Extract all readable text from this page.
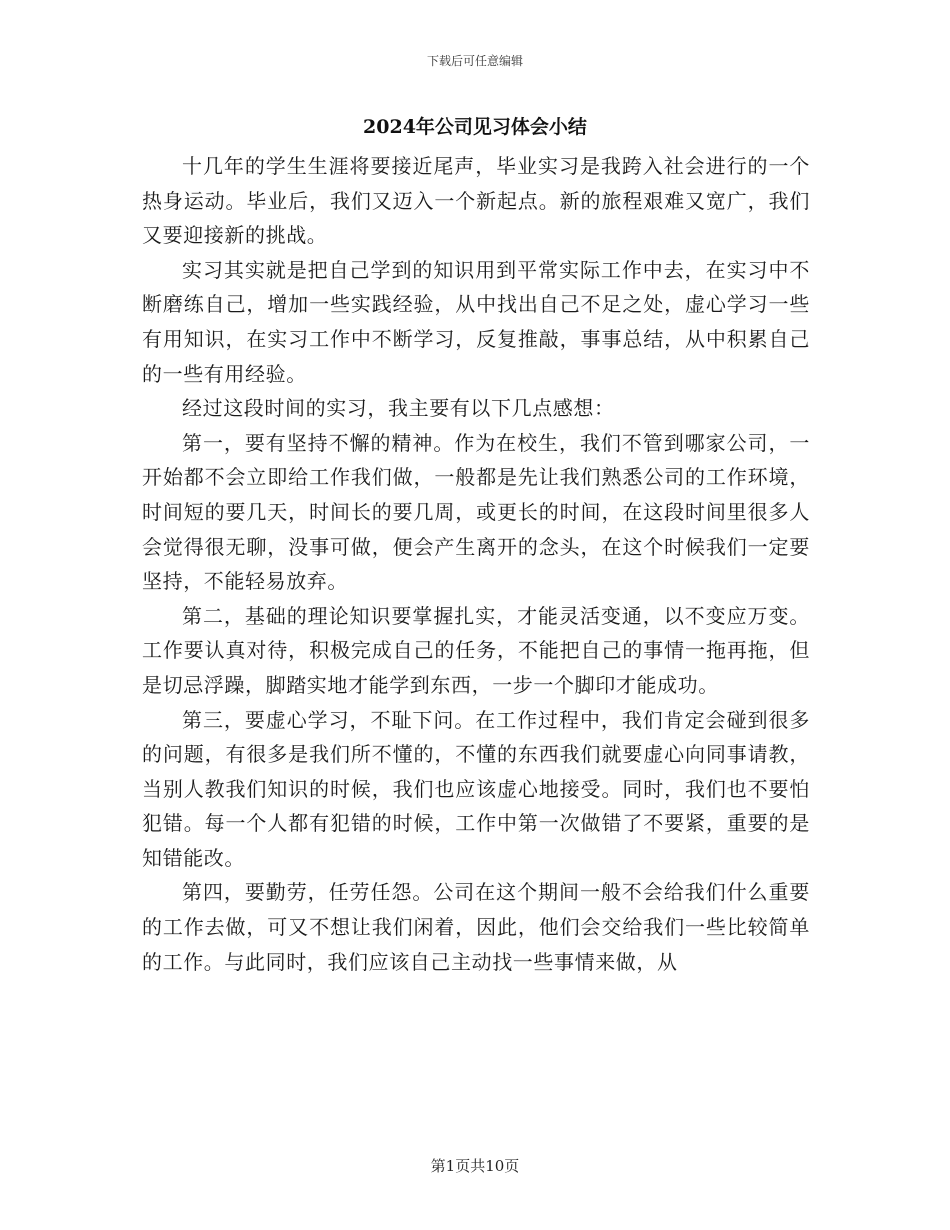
下载后可任意编辑
2024年公司见习体会小结

十几年的学生生涯将要接近尾声，毕业实习是我跨入社会进行的一个热身运动。毕业后，我们又迈入一个新起点。新的旅程艰难又宽广，我们又要迎接新的挑战。

实习其实就是把自己学到的知识用到平常实际工作中去，在实习中不断磨练自己，增加一些实践经验，从中找出自己不足之处，虚心学习一些有用知识，在实习工作中不断学习，反复推敲，事事总结，从中积累自己的一些有用经验。

经过这段时间的实习，我主要有以下几点感想：

第一，要有坚持不懈的精神。作为在校生，我们不管到哪家公司，一开始都不会立即给工作我们做，一般都是先让我们熟悉公司的工作环境，时间短的要几天，时间长的要几周，或更长的时间，在这段时间里很多人会觉得很无聊，没事可做，便会产生离开的念头，在这个时候我们一定要坚持，不能轻易放弃。

第二，基础的理论知识要掌握扎实，才能灵活变通，以不变应万变。工作要认真对待，积极完成自己的任务，不能把自己的事情一拖再拖，但是切忌浮躁，脚踏实地才能学到东西，一步一个脚印才能成功。

第三，要虚心学习，不耻下问。在工作过程中，我们肯定会碰到很多的问题，有很多是我们所不懂的，不懂的东西我们就要虚心向同事请教，当别人教我们知识的时候，我们也应该虚心地接受。同时，我们也不要怕犯错。每一个人都有犯错的时候，工作中第一次做错了不要紧，重要的是知错能改。

第四，要勤劳，任劳任怨。公司在这个期间一般不会给我们什么重要的工作去做，可又不想让我们闲着，因此，他们会交给我们一些比较简单的工作。与此同时，我们应该自己主动找一些事情来做，从

第1页共10页
